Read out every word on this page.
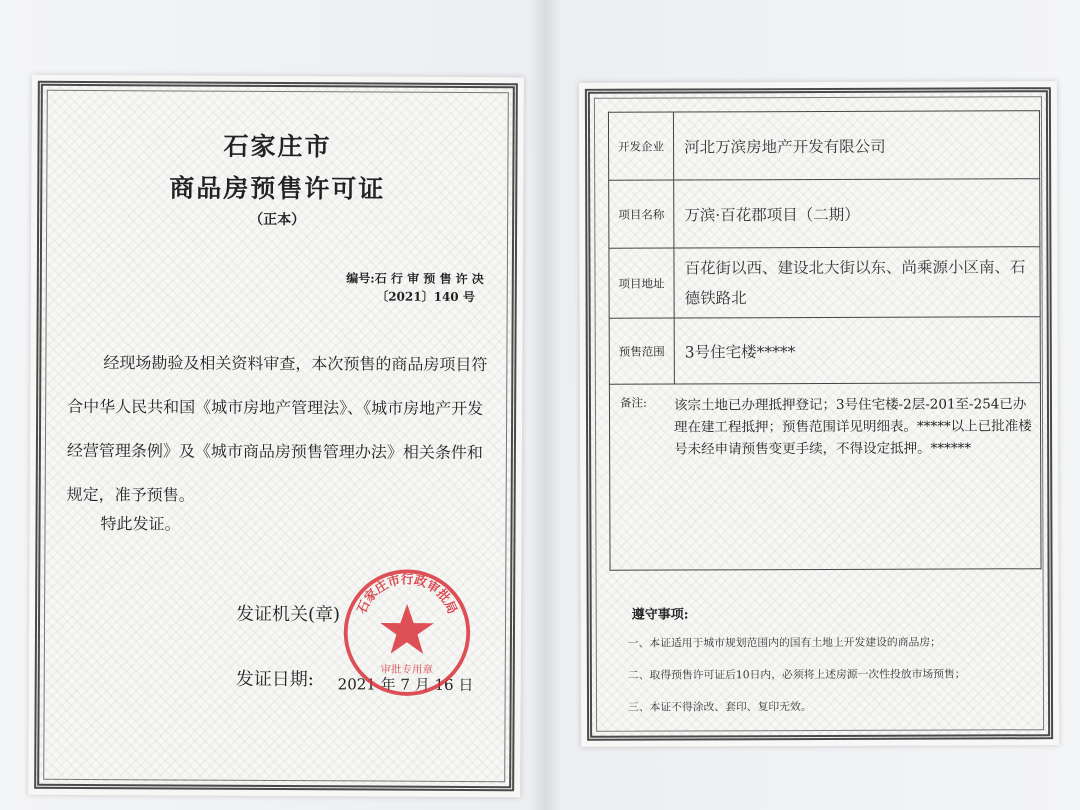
石家庄市
商品房预售许可证
（正本）
编号:石 行 审 预 售 许 决
〔2021〕140 号

经现场勘验及相关资料审查，本次预售的商品房项目符合中华人民共和国《城市房地产管理法》、《城市房地产开发经营管理条例》及《城市商品房预售管理办法》相关条件和规定，准予预售。

特此发证。
发证机关(章)
发证日期: 2021 年 7 月 16 日
石家庄市行政审批局
审批专用章
开发企业	河北万滨房地产开发有限公司
项目名称	万滨·百花郡项目（二期）
项目地址	百花街以西、建设北大街以东、尚乘源小区南、石德铁路北
预售范围	3号住宅楼*****

备注: 该宗土地已办理抵押登记；3号住宅楼-2层-201至-254已办理在建工程抵押；预售范围详见明细表。*****以上已批准楼号未经申请预售变更手续，不得设定抵押。******	

遵守事项:
一、本证适用于城市规划范围内的国有土地上开发建设的商品房；
二、取得预售许可证后10日内，必须将上述房源一次性投放市场预售；
三、本证不得涂改、套印、复印无效。
